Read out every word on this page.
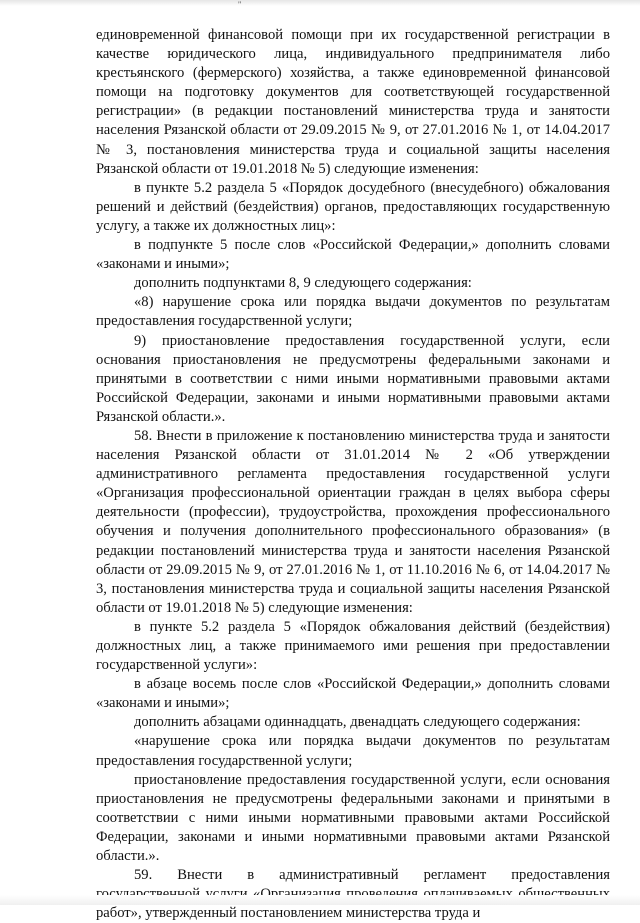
"

единовременной финансовой помощи при их государственной регистрации в качестве юридического лица, индивидуального предпринимателя либо крестьянского (фермерского) хозяйства, а также единовременной финансовой помощи на подготовку документов для соответствующей государственной регистрации» (в редакции постановлений министерства труда и занятости населения Рязанской области от 29.09.2015 № 9, от 27.01.2016 № 1, от 14.04.2017 № 3, постановления министерства труда и социальной защиты населения Рязанской области от 19.01.2018 № 5) следующие изменения:

в пункте 5.2 раздела 5 «Порядок досудебного (внесудебного) обжалования решений и действий (бездействия) органов, предоставляющих государственную услугу, а также их должностных лиц»:

в подпункте 5 после слов «Российской Федерации,» дополнить словами «законами и иными»;

дополнить подпунктами 8, 9 следующего содержания:

«8) нарушение срока или порядка выдачи документов по результатам предоставления государственной услуги;

9) приостановление предоставления государственной услуги, если основания приостановления не предусмотрены федеральными законами и принятыми в соответствии с ними иными нормативными правовыми актами Российской Федерации, законами и иными нормативными правовыми актами Рязанской области.».

58. Внести в приложение к постановлению министерства труда и занятости населения Рязанской области от 31.01.2014 № 2 «Об утверждении административного регламента предоставления государственной услуги «Организация профессиональной ориентации граждан в целях выбора сферы деятельности (профессии), трудоустройства, прохождения профессионального обучения и получения дополнительного профессионального образования» (в редакции постановлений министерства труда и занятости населения Рязанской области от 29.09.2015 № 9, от 27.01.2016 № 1, от 11.10.2016 № 6, от 14.04.2017 № 3, постановления министерства труда и социальной защиты населения Рязанской области от 19.01.2018 № 5) следующие изменения:

в пункте 5.2 раздела 5 «Порядок обжалования действий (бездействия) должностных лиц, а также принимаемого ими решения при предоставлении государственной услуги»:

в абзаце восемь после слов «Российской Федерации,» дополнить словами «законами и иными»;

дополнить абзацами одиннадцать, двенадцать следующего содержания:

«нарушение срока или порядка выдачи документов по результатам предоставления государственной услуги;

приостановление предоставления государственной услуги, если основания приостановления не предусмотрены федеральными законами и принятыми в соответствии с ними иными нормативными правовыми актами Российской Федерации, законами и иными нормативными правовыми актами Рязанской области.».

59. Внести в административный регламент предоставления работ», утвержденный постановлением министерства труда и
